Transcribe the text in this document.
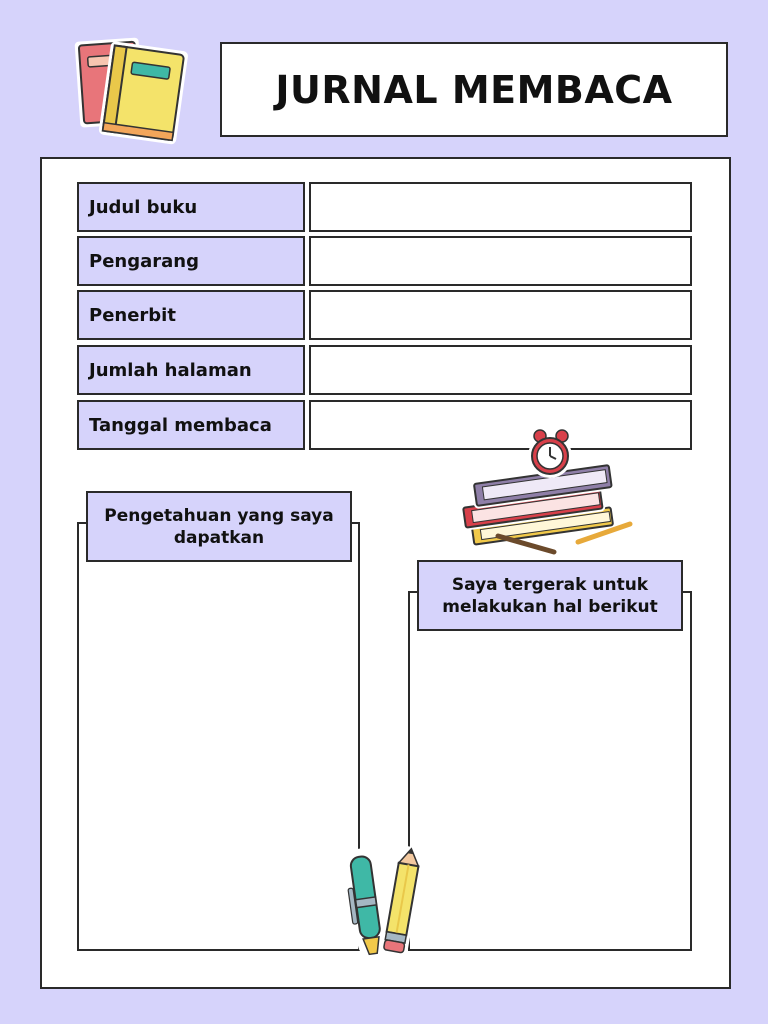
JURNAL MEMBACA
Judul buku
Pengarang
Penerbit
Jumlah halaman
Tanggal membaca
Pengetahuan yang saya dapatkan
Saya tergerak untuk melakukan hal berikut
